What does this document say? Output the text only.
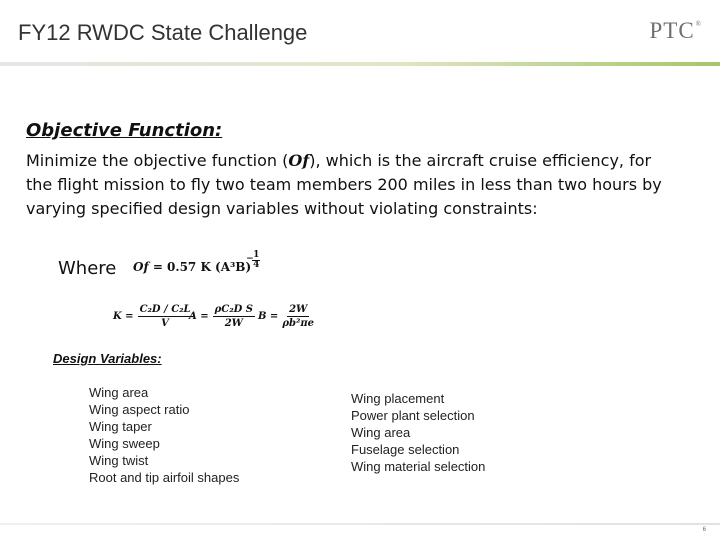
FY12 RWDC State Challenge	PTC®
Objective Function:
Minimize the objective function (Of), which is the aircraft cruise efficiency, for the flight mission to fly two team members 200 miles in less than two hours by varying specified design variables without violating constraints:
Where Of = 0.57 K (A³B)
− 1
4
$K = \frac{\text{C₂D / C₂L}}{V}$
$A = \frac{\text{ρC₂D S}}{2W}$ $B = \frac{2W}{\text{ρb²πe}}$
Design Variables:
Wing area
Wing aspect ratio
Wing taper
Wing sweep
Wing twist
Root and tip airfoil shapes
Wing placement
Power plant selection
Wing area
Fuselage selection
Wing material selection
6
